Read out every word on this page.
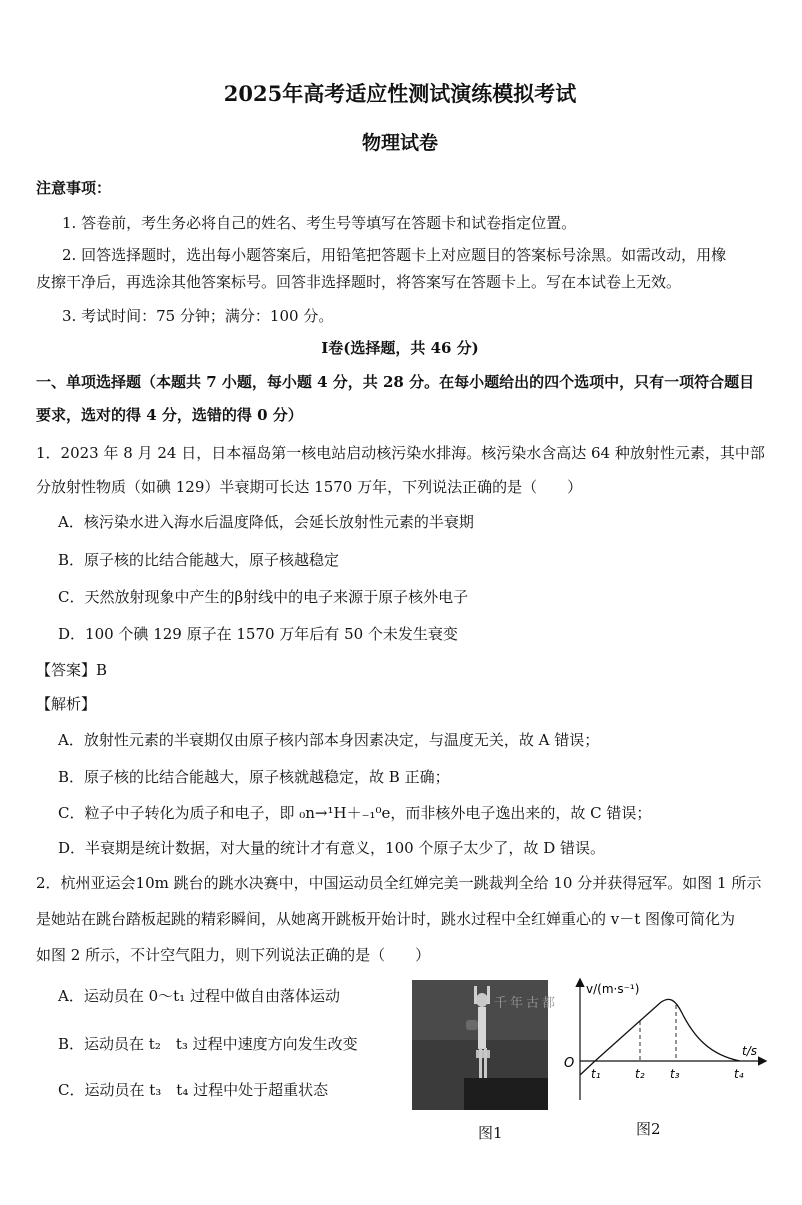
2025年高考适应性测试演练模拟考试
物理试卷
注意事项：
1. 答卷前，考生务必将自己的姓名、考生号等填写在答题卡和试卷指定位置。
2. 回答选择题时，选出每小题答案后，用铅笔把答题卡上对应题目的答案标号涂黑。如需改动，用橡
皮擦干净后，再选涂其他答案标号。回答非选择题时，将答案写在答题卡上。写在本试卷上无效。
3. 考试时间：75 分钟；满分：100 分。
I卷(选择题，共 46 分)
一、单项选择题（本题共 7 小题，每小题 4 分，共 28 分。在每小题给出的四个选项中，只有一项符合题目
要求，选对的得 4 分，选错的得 0 分）
1．2023 年 8 月 24 日，日本福岛第一核电站启动核污染水排海。核污染水含高达 64 种放射性元素，其中部
分放射性物质（如碘 129）半衰期可长达 1570 万年，下列说法正确的是（　　）
A．核污染水进入海水后温度降低，会延长放射性元素的半衰期
B．原子核的比结合能越大，原子核越稳定
C．天然放射现象中产生的β射线中的电子来源于原子核外电子
D．100 个碘 129 原子在 1570 万年后有 50 个未发生衰变
【答案】B
【解析】
A．放射性元素的半衰期仅由原子核内部本身因素决定，与温度无关，故 A 错误；
B．原子核的比结合能越大，原子核就越稳定，故 B 正确；
C．粒子中子转化为质子和电子，即 ₀n→¹H＋₋₁⁰e，而非核外电子逸出来的，故 C 错误；
D．半衰期是统计数据，对大量的统计才有意义，100 个原子太少了，故 D 错误。
2．杭州亚运会10m 跳台的跳水决赛中，中国运动员全红婵完美一跳裁判全给 10 分并获得冠军。如图 1 所示
是她站在跳台踏板起跳的精彩瞬间，从她离开跳板开始计时，跳水过程中全红婵重心的 v－t 图像可简化为
如图 2 所示，不计空气阻力，则下列说法正确的是（　　）
A．运动员在 0～t₁ 过程中做自由落体运动
B．运动员在 t₂　t₃ 过程中速度方向发生改变
C．运动员在 t₃　t₄ 过程中处于超重状态
千年古都
图1
v/(m·s⁻¹)
t/s
O
t₁	t₂ t₃	t₄
图2
